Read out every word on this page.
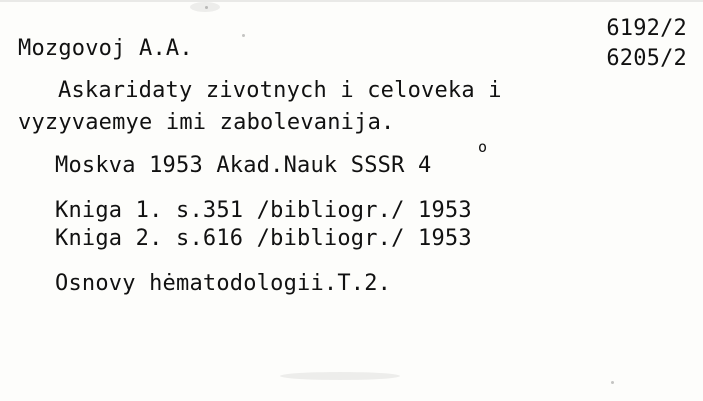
6192/2
6205/2
Mozgovoj A.A.
Askaridaty zivotnych i celoveka i
vyzyvaemye imi zabolevanija.
Moskva 1953 Akad.Nauk SSSR 4
o
Kniga 1. s.351 /bibliogr./ 1953
Kniga 2. s.616 /bibliogr./ 1953
Osnovy hėmatodologii.T.2.
